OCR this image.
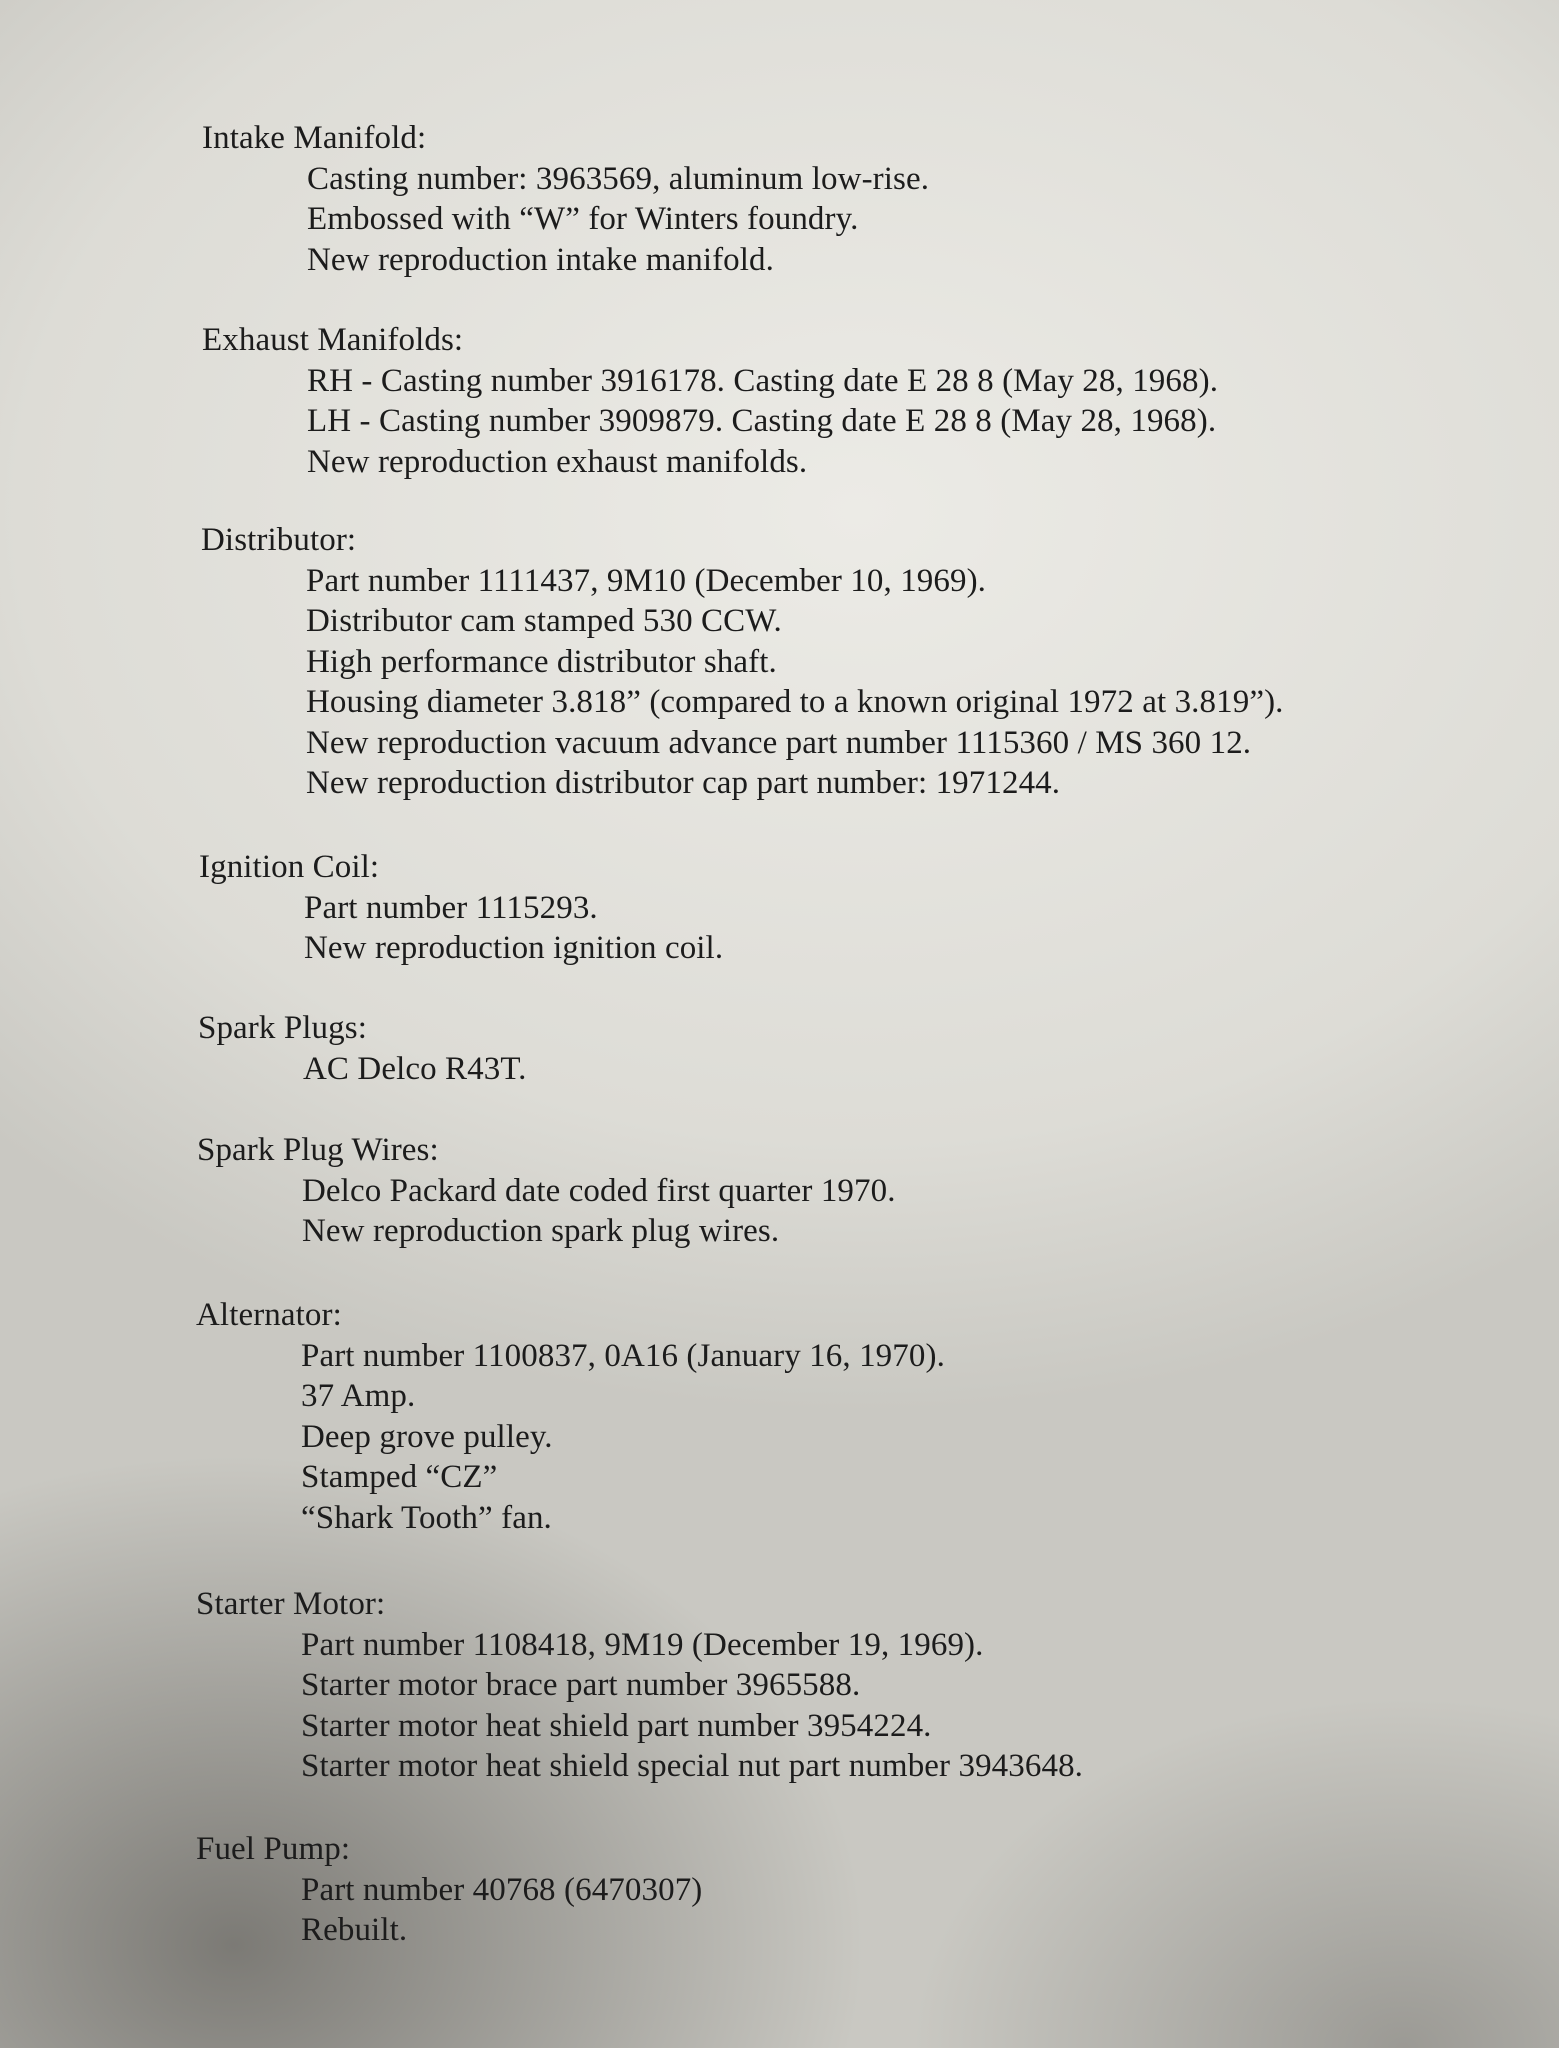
Intake Manifold:
Casting number: 3963569, aluminum low-rise.
Embossed with “W” for Winters foundry.
New reproduction intake manifold.
Exhaust Manifolds:
RH - Casting number 3916178. Casting date E 28 8 (May 28, 1968).
LH - Casting number 3909879. Casting date E 28 8 (May 28, 1968).
New reproduction exhaust manifolds.
Distributor:
Part number 1111437, 9M10 (December 10, 1969).
Distributor cam stamped 530 CCW.
High performance distributor shaft.
Housing diameter 3.818” (compared to a known original 1972 at 3.819”).
New reproduction vacuum advance part number 1115360 / MS 360 12.
New reproduction distributor cap part number: 1971244.
Ignition Coil:
Part number 1115293.
New reproduction ignition coil.
Spark Plugs:
AC Delco R43T.
Spark Plug Wires:
Delco Packard date coded first quarter 1970.
New reproduction spark plug wires.
Alternator:
Part number 1100837, 0A16 (January 16, 1970).
37 Amp.
Deep grove pulley.
Stamped “CZ”
“Shark Tooth” fan.
Starter Motor:
Part number 1108418, 9M19 (December 19, 1969).
Starter motor brace part number 3965588.
Starter motor heat shield part number 3954224.
Starter motor heat shield special nut part number 3943648.
Fuel Pump:
Part number 40768 (6470307)
Rebuilt.
